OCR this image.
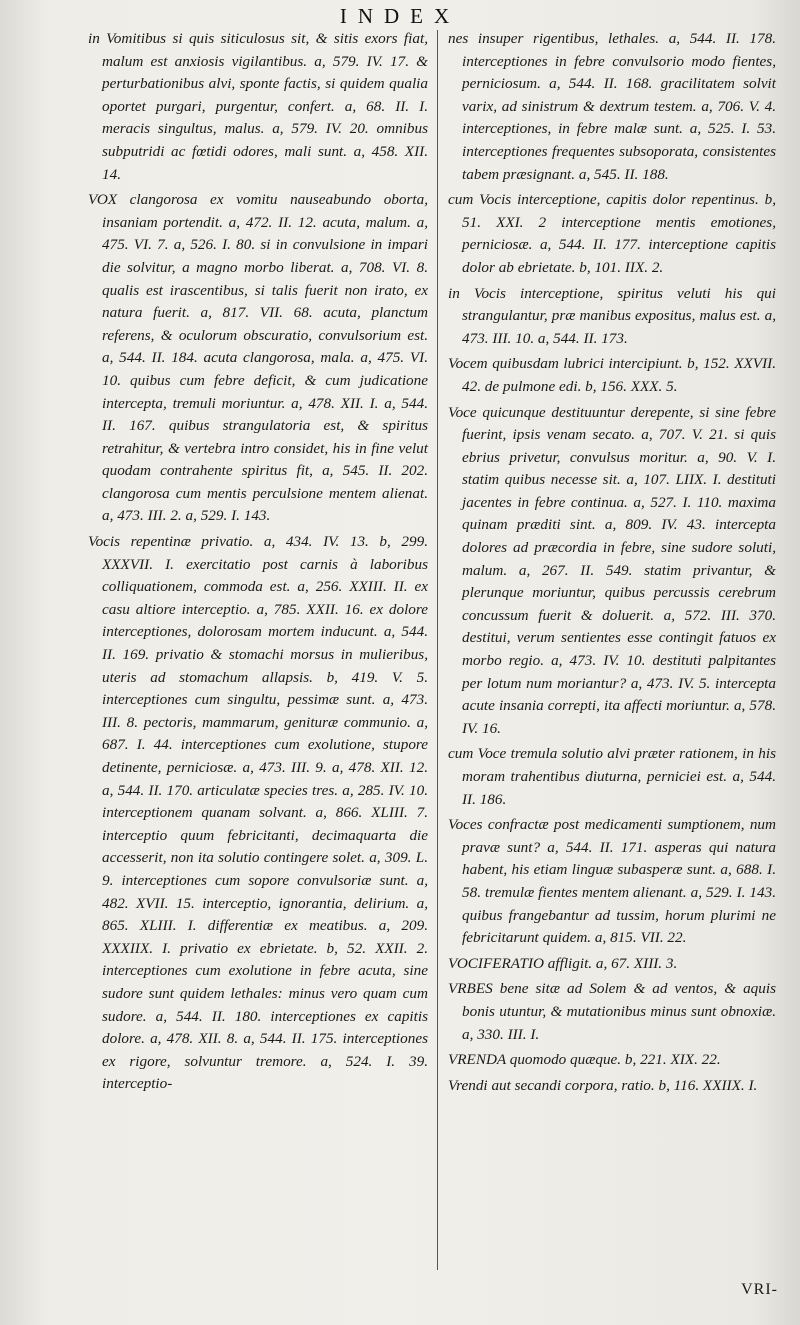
INDEX

in Vomitibus si quis siticulosus sit, & sitis exors fiat, malum est anxiosis vigilantibus. a, 579. IV. 17. & perturbationibus alvi, sponte factis, si quidem qualia oportet purgari, purgentur, confert. a, 68. II. I. meracis singultus, malus. a, 579. IV. 20. omnibus subputridi ac fœtidi odores, mali sunt. a, 458. XII. 14.

VOX clangorosa ex vomitu nauseabundo oborta, insaniam portendit. a, 472. II. 12. acuta, malum. a, 475. VI. 7. a, 526. I. 80. si in convulsione in impari die solvitur, a magno morbo liberat. a, 708. VI. 8. qualis est irascentibus, si talis fuerit non irato, ex natura fuerit. a, 817. VII. 68. acuta, planctum referens, & oculorum obscuratio, convulsorium est. a, 544. II. 184. acuta clangorosa, mala. a, 475. VI. 10. quibus cum febre deficit, & cum judicatione intercepta, tremuli moriuntur. a, 478. XII. I. a, 544. II. 167. quibus strangulatoria est, & spiritus retrahitur, & vertebra intro considet, his in fine velut quodam contrahente spiritus fit, a, 545. II. 202. clangorosa cum mentis perculsione mentem alienat. a, 473. III. 2. a, 529. I. 143.

Vocis repentinæ privatio. a, 434. IV. 13. b, 299. XXXVII. I. exercitatio post carnis à laboribus colliquationem, commoda est. a, 256. XXIII. II. ex casu altiore interceptio. a, 785. XXII. 16. ex dolore interceptiones, dolorosam mortem inducunt. a, 544. II. 169. privatio & stomachi morsus in mulieribus, uteris ad stomachum allapsis. b, 419. V. 5. interceptiones cum singultu, pessimæ sunt. a, 473. III. 8. pectoris, mammarum, genituræ communio. a, 687. I. 44. interceptiones cum exolutione, stupore detinente, perniciosæ. a, 473. III. 9. a, 478. XII. 12. a, 544. II. 170. articulatæ species tres. a, 285. IV. 10. interceptionem quanam solvant. a, 866. XLIII. 7. interceptio quum febricitanti, decimaquarta die accesserit, non ita solutio contingere solet. a, 309. L. 9. interceptiones cum sopore convulsoriæ sunt. a, 482. XVII. 15. interceptio, ignorantia, delirium. a, 865. XLIII. I. differentiæ ex meatibus. a, 209. XXXIIX. I. privatio ex ebrietate. b, 52. XXII. 2. interceptiones cum exolutione in febre acuta, sine sudore sunt quidem lethales: minus vero quam cum sudore. a, 544. II. 180. interceptiones ex capitis dolore. a, 478. XII. 8. a, 544. II. 175. interceptiones ex rigore, solvuntur tremore. a, 524. I. 39. interceptio-

nes insuper rigentibus, lethales. a, 544. II. 178. interceptiones in febre convulsorio modo fientes, perniciosum. a, 544. II. 168. gracilitatem solvit varix, ad sinistrum & dextrum testem. a, 706. V. 4. interceptiones, in febre malæ sunt. a, 525. I. 53. interceptiones frequentes subsoporata, consistentes tabem præsignant. a, 545. II. 188.

cum Vocis interceptione, capitis dolor repentinus. b, 51. XXI. 2 interceptione mentis emotiones, perniciosæ. a, 544. II. 177. interceptione capitis dolor ab ebrietate. b, 101. IIX. 2.

in Vocis interceptione, spiritus veluti his qui strangulantur, præ manibus expositus, malus est. a, 473. III. 10. a, 544. II. 173.

Vocem quibusdam lubrici intercipiunt. b, 152. XXVII. 42. de pulmone edi. b, 156. XXX. 5.

Voce quicunque destituuntur derepente, si sine febre fuerint, ipsis venam secato. a, 707. V. 21. si quis ebrius privetur, convulsus moritur. a, 90. V. I. statim quibus necesse sit. a, 107. LIIX. I. destituti jacentes in febre continua. a, 527. I. 110. maxima quinam præditi sint. a, 809. IV. 43. intercepta dolores ad præcordia in febre, sine sudore soluti, malum. a, 267. II. 549. statim privantur, & plerunque moriuntur, quibus percussis cerebrum concussum fuerit & doluerit. a, 572. III. 370. destitui, verum sentientes esse contingit fatuos ex morbo regio. a, 473. IV. 10. destituti palpitantes per lotum num moriantur? a, 473. IV. 5. intercepta acute insania correpti, ita affecti moriuntur. a, 578. IV. 16.

cum Voce tremula solutio alvi præter rationem, in his moram trahentibus diuturna, perniciei est. a, 544. II. 186.

Voces confractæ post medicamenti sumptionem, num pravæ sunt? a, 544. II. 171. asperas qui natura habent, his etiam linguæ subasperæ sunt. a, 688. I. 58. tremulæ fientes mentem alienant. a, 529. I. 143. quibus frangebantur ad tussim, horum plurimi ne febricitarunt quidem. a, 815. VII. 22.

VOCIFERATIO affligit. a, 67. XIII. 3.

VRBES bene sitæ ad Solem & ad ventos, & aquis bonis utuntur, & mutationibus minus sunt obnoxiæ. a, 330. III. I.

VRENDA quomodo quæque. b, 221. XIX. 22.

Vrendi aut secandi corpora, ratio. b, 116. XXIIX. I.

VRI-
